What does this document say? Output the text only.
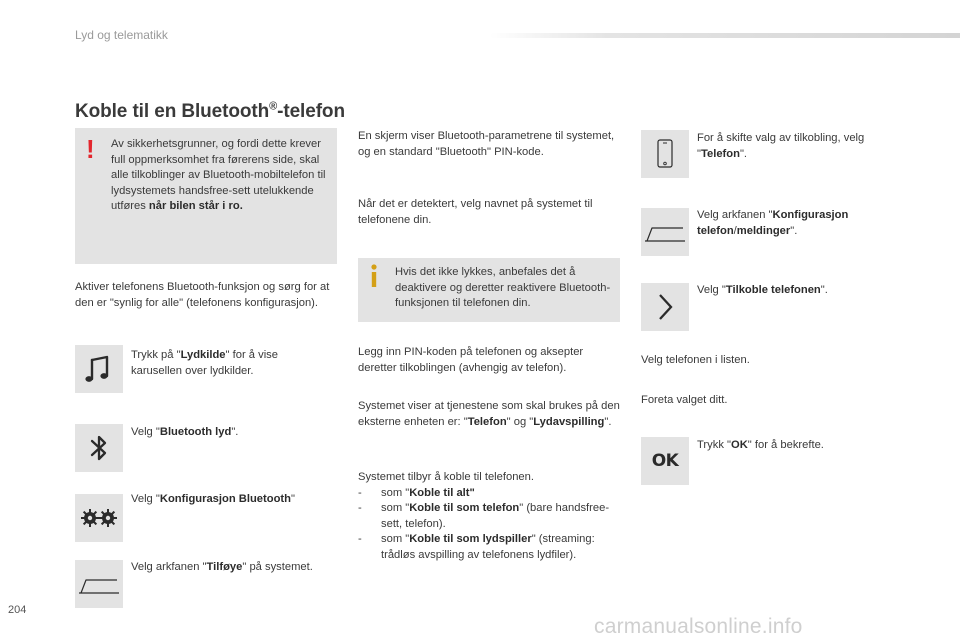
Lyd og telematikk
Koble til en Bluetooth®-telefon
! Av sikkerhetsgrunner, og fordi dette krever full oppmerksomhet fra førerens side, skal alle tilkoblinger av Bluetooth-mobiltelefon til lydsystemets handsfree-sett utelukkende utføres når bilen står i ro.
Aktiver telefonens Bluetooth-funksjon og sørg for at den er "synlig for alle" (telefonens konfigurasjon).
Trykk på "Lydkilde" for å vise karusellen over lydkilder.
Velg "Bluetooth lyd".
Velg "Konfigurasjon Bluetooth"
Velg arkfanen "Tilføye" på systemet.
En skjerm viser Bluetooth-parametrene til systemet, og en standard "Bluetooth" PIN-kode.
Når det er detektert, velg navnet på systemet til telefonene din.
Hvis det ikke lykkes, anbefales det å deaktivere og deretter reaktivere Bluetooth-funksjonen til telefonen din.
Legg inn PIN-koden på telefonen og aksepter deretter tilkoblingen (avhengig av telefon).
Systemet viser at tjenestene som skal brukes på den eksterne enheten er: "Telefon" og "Lydavspilling".
Systemet tilbyr å koble til telefonen.
- som "Koble til alt"
- som "Koble til som telefon" (bare handsfree-sett, telefon).
- som "Koble til som lydspiller" (streaming: trådløs avspilling av telefonens lydfiler).
For å skifte valg av tilkobling, velg "Telefon".
Velg arkfanen "Konfigurasjon telefon/meldinger".
Velg "Tilkoble telefonen".
Velg telefonen i listen.
Foreta valget ditt.
OK
Trykk "OK" for å bekrefte.
204
carmanualsonline.info
